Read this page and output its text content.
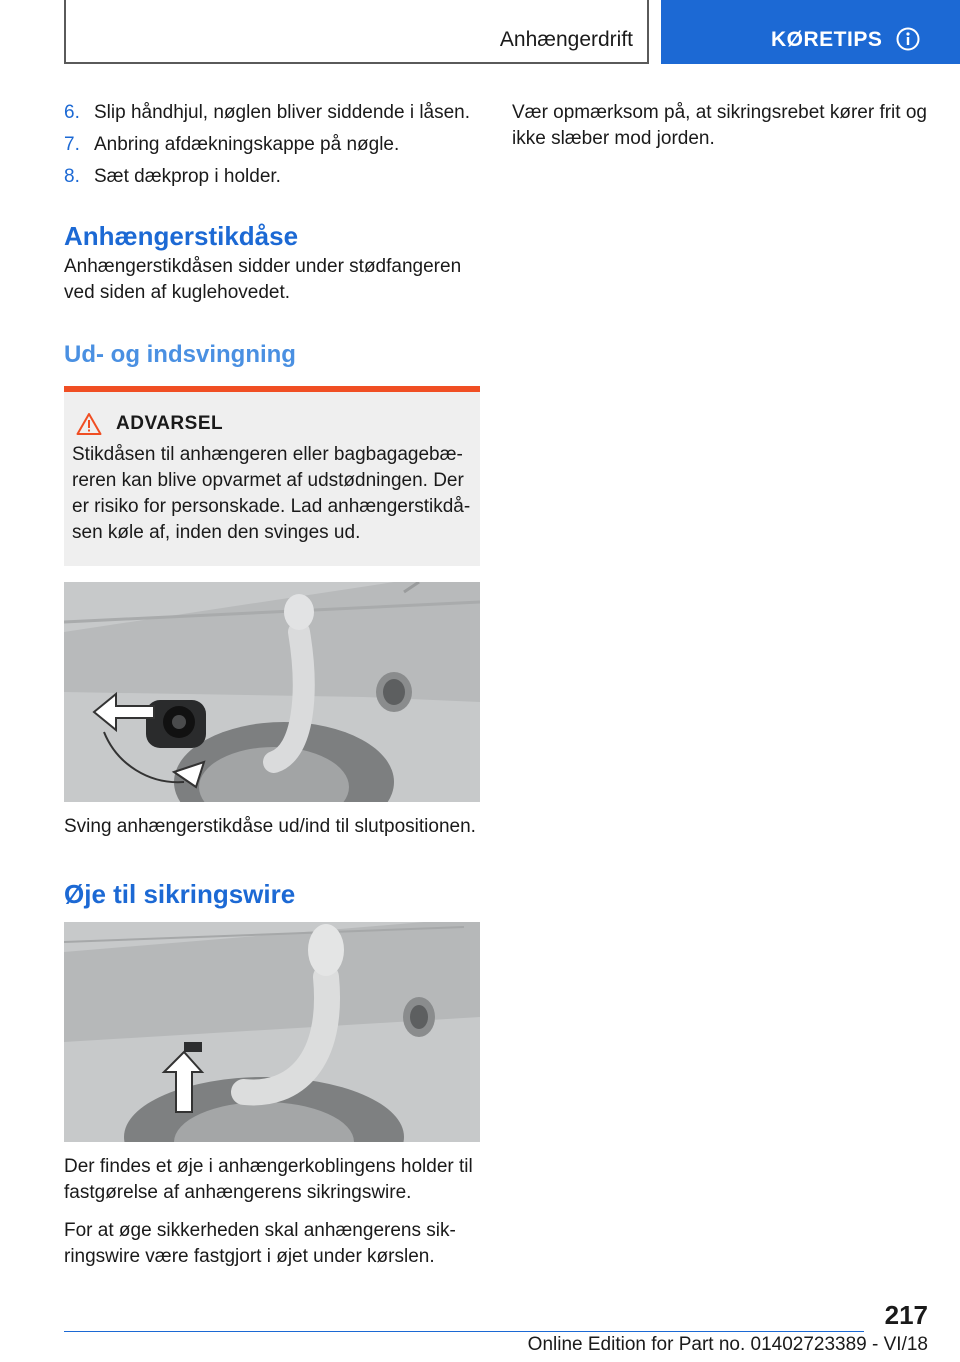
Anhængerdrift	KØRETIPS
6. Slip håndhjul, nøglen bliver siddende i låsen.
7. Anbring afdækningskappe på nøgle.
8. Sæt dækprop i holder.
Anhængerstikdåse

Anhængerstikdåsen sidder under stødfangeren ved siden af kuglehovedet.

Ud- og indsvingning
ADVARSEL

Stikdåsen til anhængeren eller bagbagagebæreren kan blive opvarmet af udstødningen. Der er risiko for personskade. Lad anhængerstikdåsen køle af, inden den svinges ud.

Sving anhængerstikdåse ud/ind til slutpositionen.

Øje til sikringswire

Der findes et øje i anhængerkoblingens holder til fastgørelse af anhængerens sikringswire.

For at øge sikkerheden skal anhængerens sikringswire være fastgjort i øjet under kørslen.

Vær opmærksom på, at sikringsrebet kører frit og ikke slæber mod jorden.

217
Online Edition for Part no. 01402723389 - VI/18
